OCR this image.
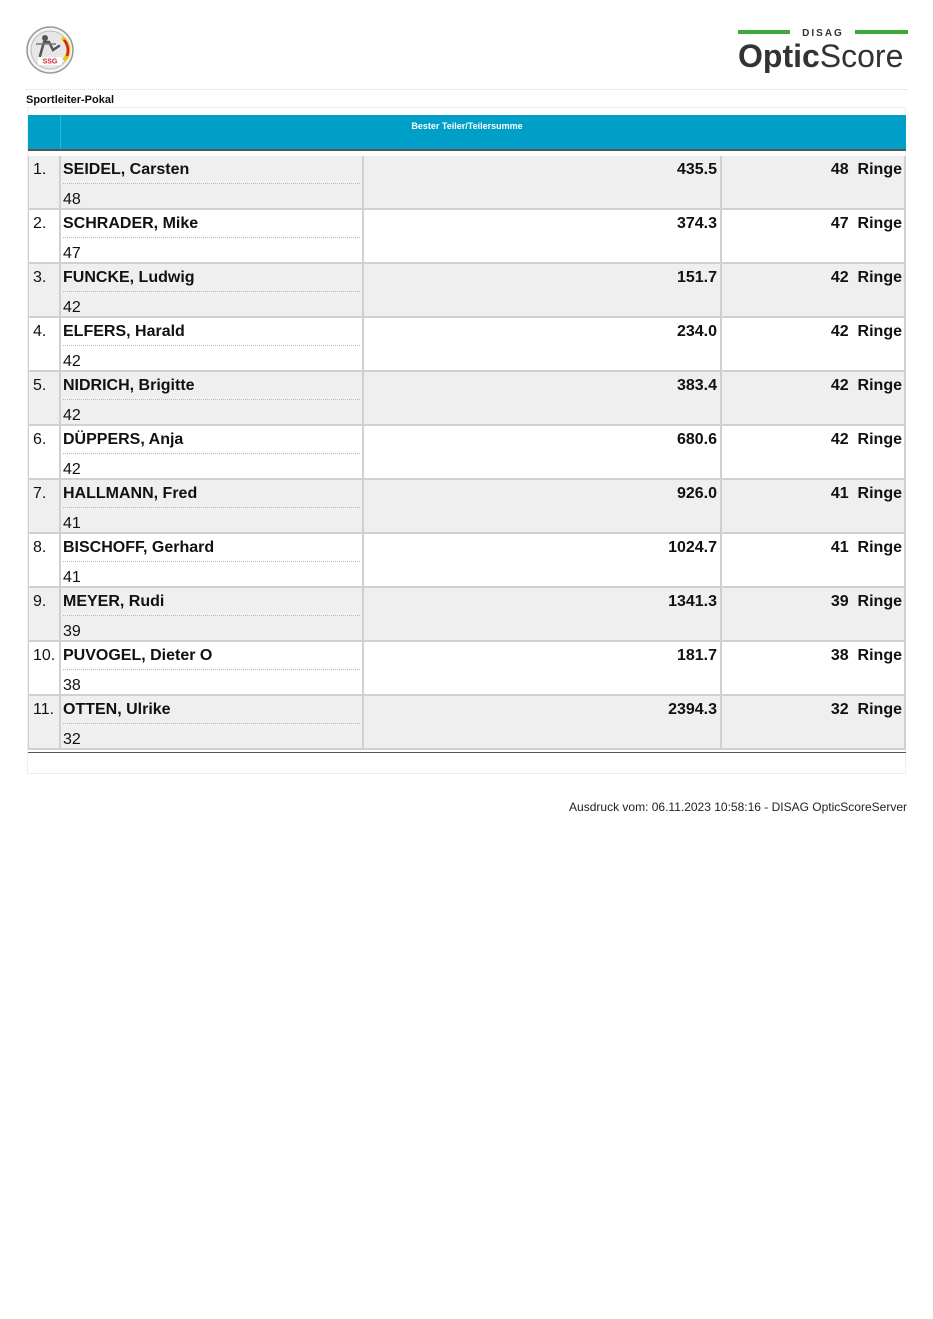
SSG
DISAG
OpticScore
Sportleiter-Pokal
Bester Teiler/Teilersumme
1. SEIDEL, Carsten
48
435.5	48  Ringe
2. SCHRADER, Mike
47
374.3	47  Ringe
3. FUNCKE, Ludwig
42
151.7	42  Ringe
4. ELFERS, Harald
42
234.0	42  Ringe
5. NIDRICH, Brigitte
42
383.4	42  Ringe
6. DÜPPERS, Anja
42
680.6	42  Ringe
7. HALLMANN, Fred
41
926.0	41  Ringe
8. BISCHOFF, Gerhard
41
1024.7	41  Ringe
9. MEYER, Rudi
39
1341.3	39  Ringe
10. PUVOGEL, Dieter O
38
181.7	38  Ringe
11. OTTEN, Ulrike
32
2394.3	32  Ringe
Ausdruck vom: 06.11.2023 10:58:16 - DISAG OpticScoreServer
